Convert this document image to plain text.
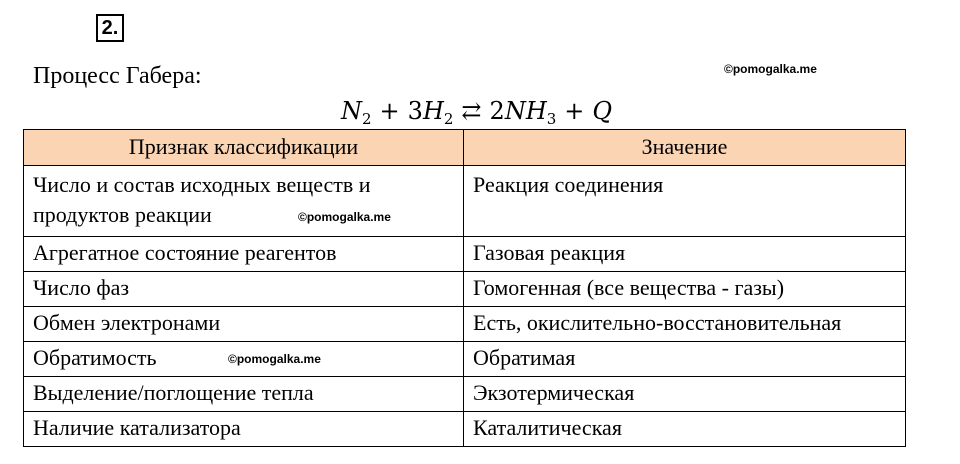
2.
Процесс Габера:	©pomogalka.me
$N_2 + 3H_2$ ⇄ $2NH_3 + Q$
Признак классификации	Значение
Число и состав исходных веществ и продуктов реакции	Реакция соединения
Агрегатное состояние реагентов	Газовая реакция
Число фаз	Гомогенная (все вещества - газы)
Обмен электронами	Есть, окислительно-восстановительная
Обратимость	Обратимая
Выделение/поглощение тепла	Экзотермическая
Наличие катализатора	Каталитическая
©pomogalka.me
©pomogalka.me
